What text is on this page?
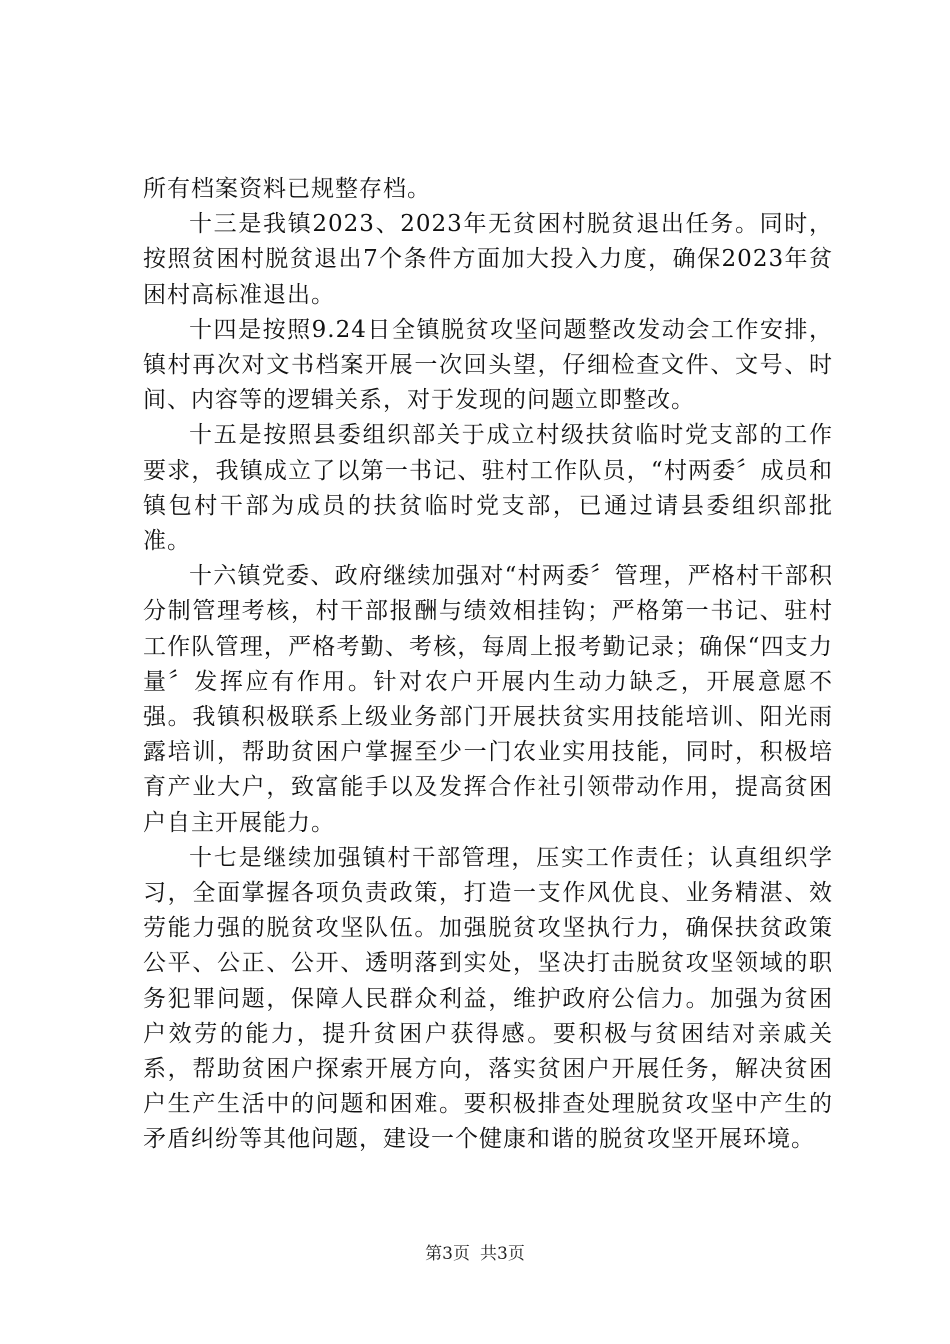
所有档案资料已规整存档。

十三是我镇2023、2023年无贫困村脱贫退出任务。同时，按照贫困村脱贫退出7个条件方面加大投入力度，确保2023年贫困村高标准退出。

十四是按照9.24日全镇脱贫攻坚问题整改发动会工作安排，镇村再次对文书档案开展一次回头望，仔细检查文件、文号、时间、内容等的逻辑关系，对于发现的问题立即整改。

十五是按照县委组织部关于成立村级扶贫临时党支部的工作要求，我镇成立了以第一书记、驻村工作队员，“村两委〞成员和镇包村干部为成员的扶贫临时党支部，已通过请县委组织部批准。

十六镇党委、政府继续加强对“村两委〞管理，严格村干部积分制管理考核，村干部报酬与绩效相挂钩；严格第一书记、驻村工作队管理，严格考勤、考核，每周上报考勤记录；确保“四支力量〞发挥应有作用。针对农户开展内生动力缺乏，开展意愿不强。我镇积极联系上级业务部门开展扶贫实用技能培训、阳光雨露培训，帮助贫困户掌握至少一门农业实用技能，同时，积极培育产业大户，致富能手以及发挥合作社引领带动作用，提高贫困户自主开展能力。

十七是继续加强镇村干部管理，压实工作责任；认真组织学习，全面掌握各项负责政策，打造一支作风优良、业务精湛、效劳能力强的脱贫攻坚队伍。加强脱贫攻坚执行力，确保扶贫政策公平、公正、公开、透明落到实处，坚决打击脱贫攻坚领域的职务犯罪问题，保障人民群众利益，维护政府公信力。加强为贫困户效劳的能力，提升贫困户获得感。要积极与贫困结对亲戚关系，帮助贫困户探索开展方向，落实贫困户开展任务，解决贫困户生产生活中的问题和困难。要积极排查处理脱贫攻坚中产生的矛盾纠纷等其他问题，建设一个健康和谐的脱贫攻坚开展环境。

第3页 共3页
